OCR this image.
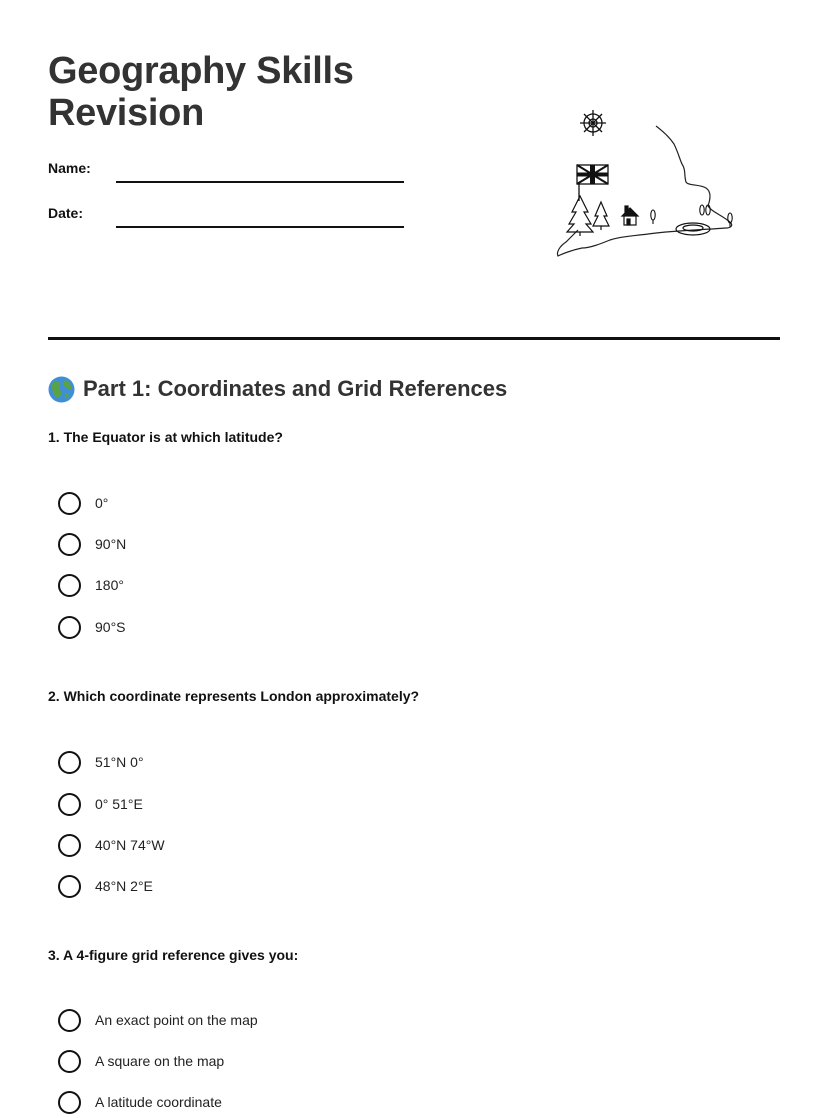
Geography Skills
Revision
Name:
Date:
Part 1: Coordinates and Grid References

1. The Equator is at which latitude?

0°
90°N
180°
90°S

2. Which coordinate represents London approximately?

51°N 0°
0° 51°E
40°N 74°W
48°N 2°E

3. A 4-figure grid reference gives you:

An exact point on the map
A square on the map
A latitude coordinate
